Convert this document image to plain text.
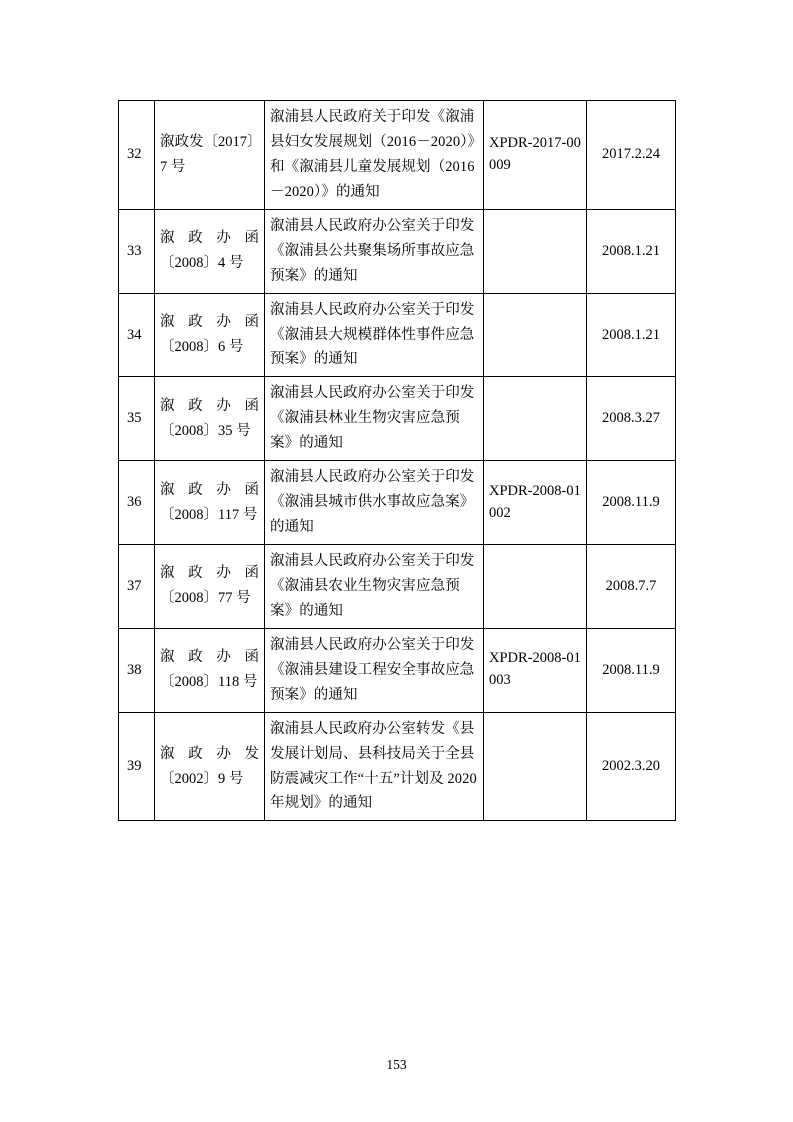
32	溆政发〔2017〕
7 号	溆浦县人民政府关于印发《溆浦县妇女发展规划（2016－2020）》和《溆浦县儿童发展规划（2016－2020）》的通知	XPDR-2017-00009	2017.2.24
33	溆 政 办 函
〔2008〕4 号	溆浦县人民政府办公室关于印发《溆浦县公共聚集场所事故应急预案》的通知		2008.1.21
34	溆 政 办 函
〔2008〕6 号	溆浦县人民政府办公室关于印发《溆浦县大规模群体性事件应急预案》的通知		2008.1.21
35	溆 政 办 函
〔2008〕35 号	溆浦县人民政府办公室关于印发《溆浦县林业生物灾害应急预案》的通知		2008.3.27
36	溆 政 办 函
〔2008〕117 号	溆浦县人民政府办公室关于印发《溆浦县城市供水事故应急案》的通知	XPDR-2008-01002	2008.11.9
37	溆 政 办 函
〔2008〕77 号	溆浦县人民政府办公室关于印发《溆浦县农业生物灾害应急预案》的通知		2008.7.7
38	溆 政 办 函
〔2008〕118 号	溆浦县人民政府办公室关于印发《溆浦县建设工程安全事故应急预案》的通知	XPDR-2008-01003	2008.11.9
39	溆 政 办 发
〔2002〕9 号	溆浦县人民政府办公室转发《县发展计划局、县科技局关于全县防震减灾工作“十五”计划及 2020 年规划》的通知		2002.3.20
153
